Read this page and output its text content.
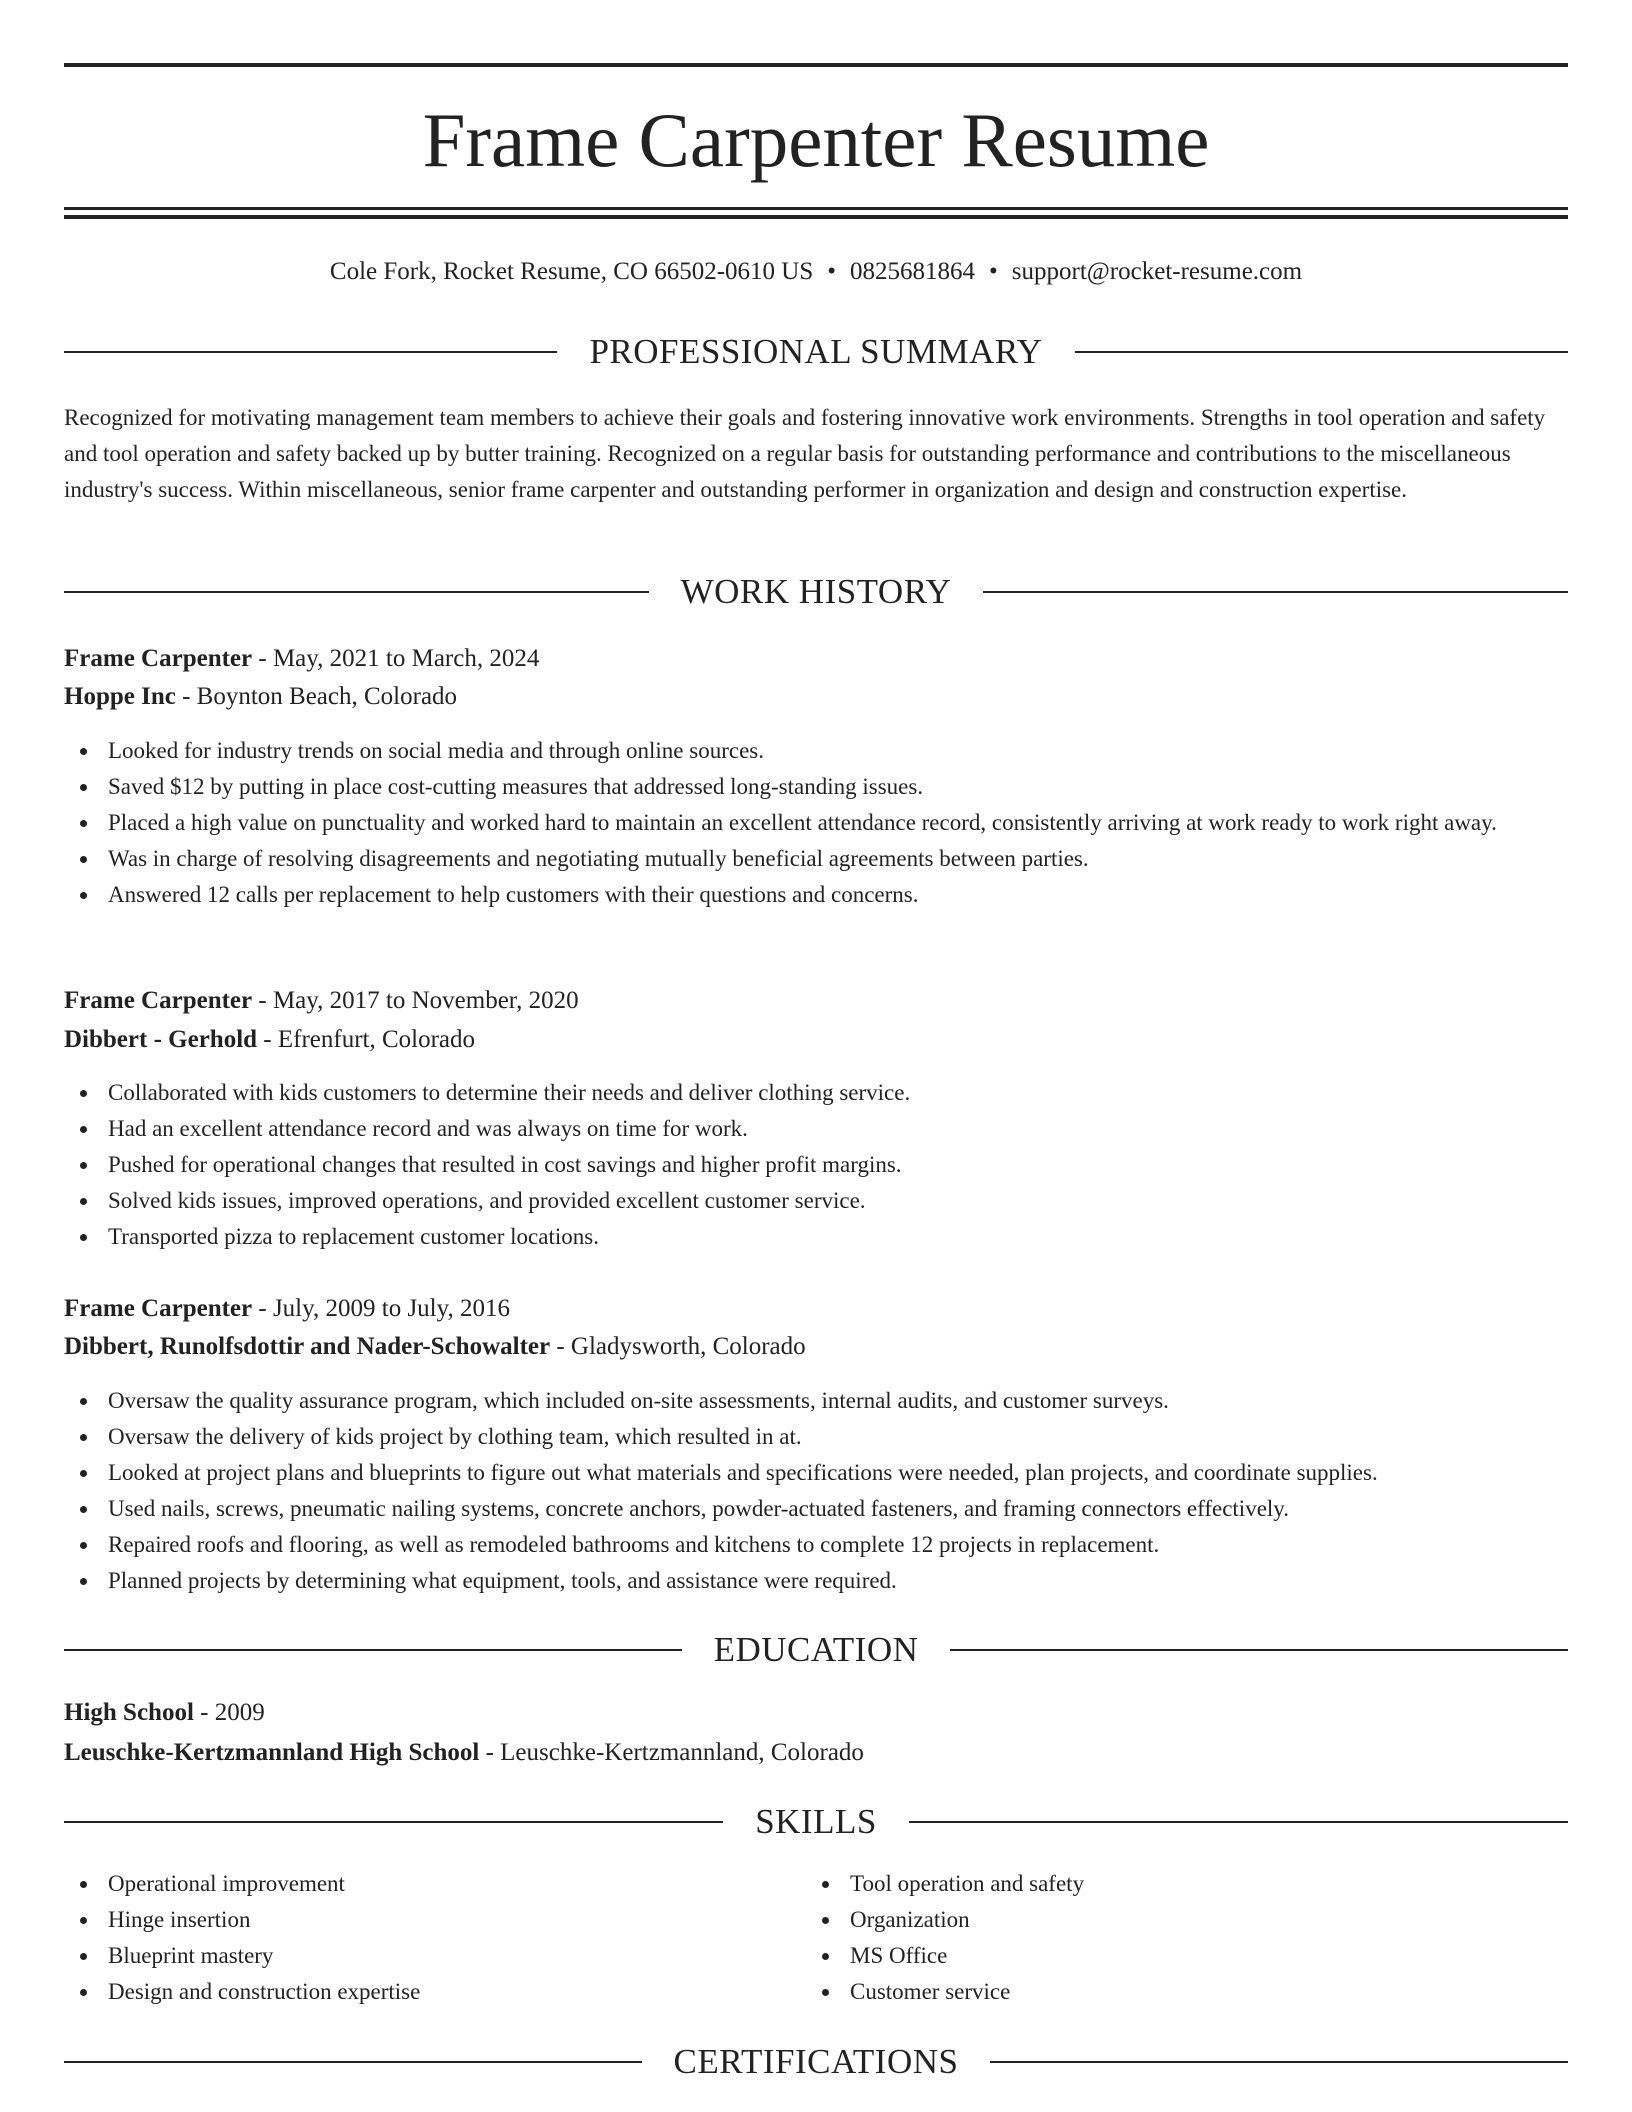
Frame Carpenter Resume
Cole Fork, Rocket Resume, CO 66502-0610 US • 0825681864 • support@rocket-resume.com
PROFESSIONAL SUMMARY

Recognized for motivating management team members to achieve their goals and fostering innovative work environments. Strengths in tool operation and safety and tool operation and safety backed up by butter training. Recognized on a regular basis for outstanding performance and contributions to the miscellaneous industry's success. Within miscellaneous, senior frame carpenter and outstanding performer in organization and design and construction expertise.

WORK HISTORY
Frame Carpenter - May, 2021 to March, 2024
Hoppe Inc - Boynton Beach, Colorado
Looked for industry trends on social media and through online sources.
Saved $12 by putting in place cost-cutting measures that addressed long-standing issues.
Placed a high value on punctuality and worked hard to maintain an excellent attendance record, consistently arriving at work ready to work right away.
Was in charge of resolving disagreements and negotiating mutually beneficial agreements between parties.
Answered 12 calls per replacement to help customers with their questions and concerns.
Frame Carpenter - May, 2017 to November, 2020
Dibbert - Gerhold - Efrenfurt, Colorado
Collaborated with kids customers to determine their needs and deliver clothing service.
Had an excellent attendance record and was always on time for work.
Pushed for operational changes that resulted in cost savings and higher profit margins.
Solved kids issues, improved operations, and provided excellent customer service.
Transported pizza to replacement customer locations.
Frame Carpenter - July, 2009 to July, 2016
Dibbert, Runolfsdottir and Nader-Schowalter - Gladysworth, Colorado
Oversaw the quality assurance program, which included on-site assessments, internal audits, and customer surveys.
Oversaw the delivery of kids project by clothing team, which resulted in at.
Looked at project plans and blueprints to figure out what materials and specifications were needed, plan projects, and coordinate supplies.
Used nails, screws, pneumatic nailing systems, concrete anchors, powder-actuated fasteners, and framing connectors effectively.
Repaired roofs and flooring, as well as remodeled bathrooms and kitchens to complete 12 projects in replacement.
Planned projects by determining what equipment, tools, and assistance were required.
EDUCATION
High School - 2009
Leuschke-Kertzmannland High School - Leuschke-Kertzmannland, Colorado
SKILLS
Operational improvement
Hinge insertion
Blueprint mastery
Design and construction expertise
Tool operation and safety
Organization
MS Office
Customer service
CERTIFICATIONS
